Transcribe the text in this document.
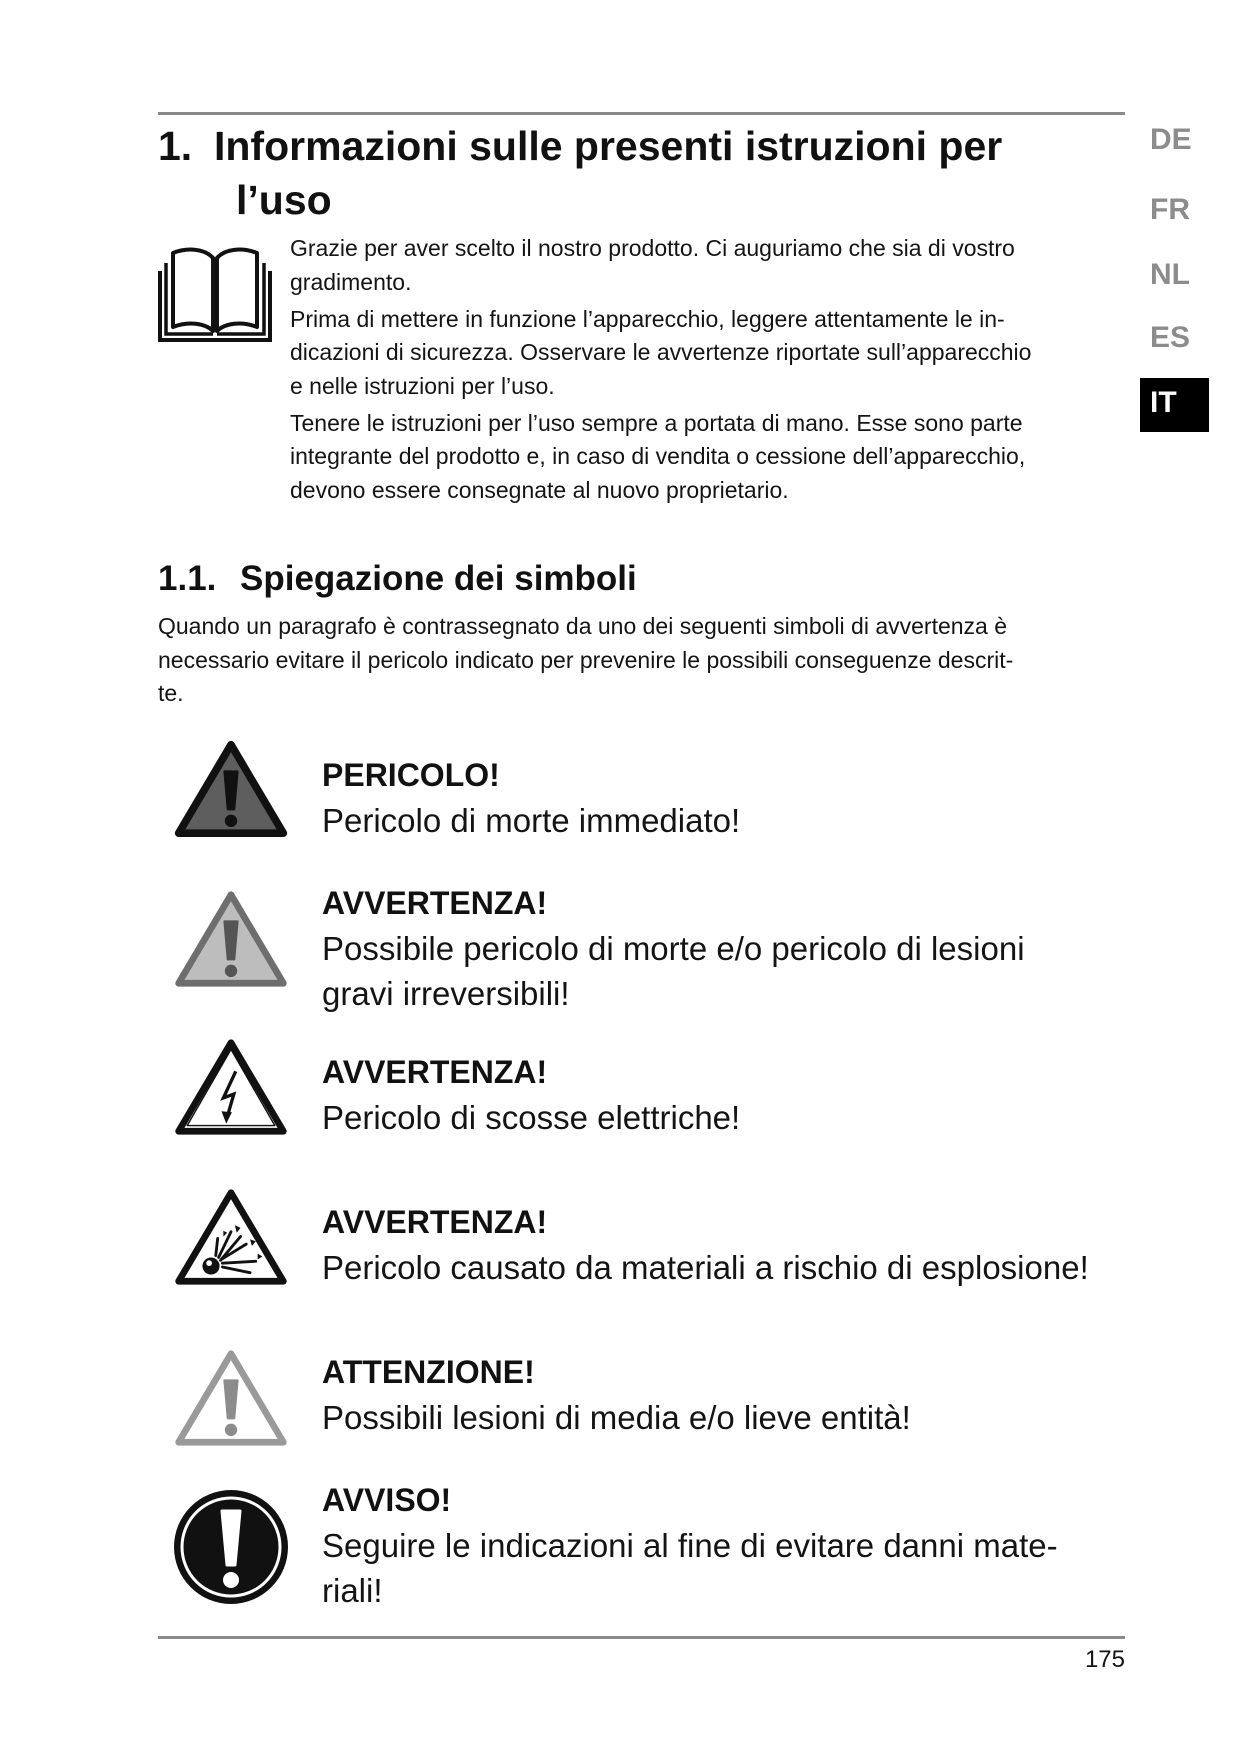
1. Informazioni sulle presenti istruzioni per
l’uso
DE
FR
NL
ES
IT
Grazie per aver scelto il nostro prodotto. Ci auguriamo che sia di vostro
gradimento.
Prima di mettere in funzione l’apparecchio, leggere attentamente le in-
dicazioni di sicurezza. Osservare le avvertenze riportate sull’apparecchio
e nelle istruzioni per l’uso.
Tenere le istruzioni per l’uso sempre a portata di mano. Esse sono parte
integrante del prodotto e, in caso di vendita o cessione dell’apparecchio,
devono essere consegnate al nuovo proprietario.
1.1. Spiegazione dei simboli
Quando un paragrafo è contrassegnato da uno dei seguenti simboli di avvertenza è
necessario evitare il pericolo indicato per prevenire le possibili conseguenze descrit-
te.
PERICOLO!
Pericolo di morte immediato!
AVVERTENZA!
Possibile pericolo di morte e/o pericolo di lesioni
gravi irreversibili!
AVVERTENZA!
Pericolo di scosse elettriche!
AVVERTENZA!
Pericolo causato da materiali a rischio di esplosione!
ATTENZIONE!
Possibili lesioni di media e/o lieve entità!
AVVISO!
Seguire le indicazioni al fine di evitare danni mate-
riali!
175
